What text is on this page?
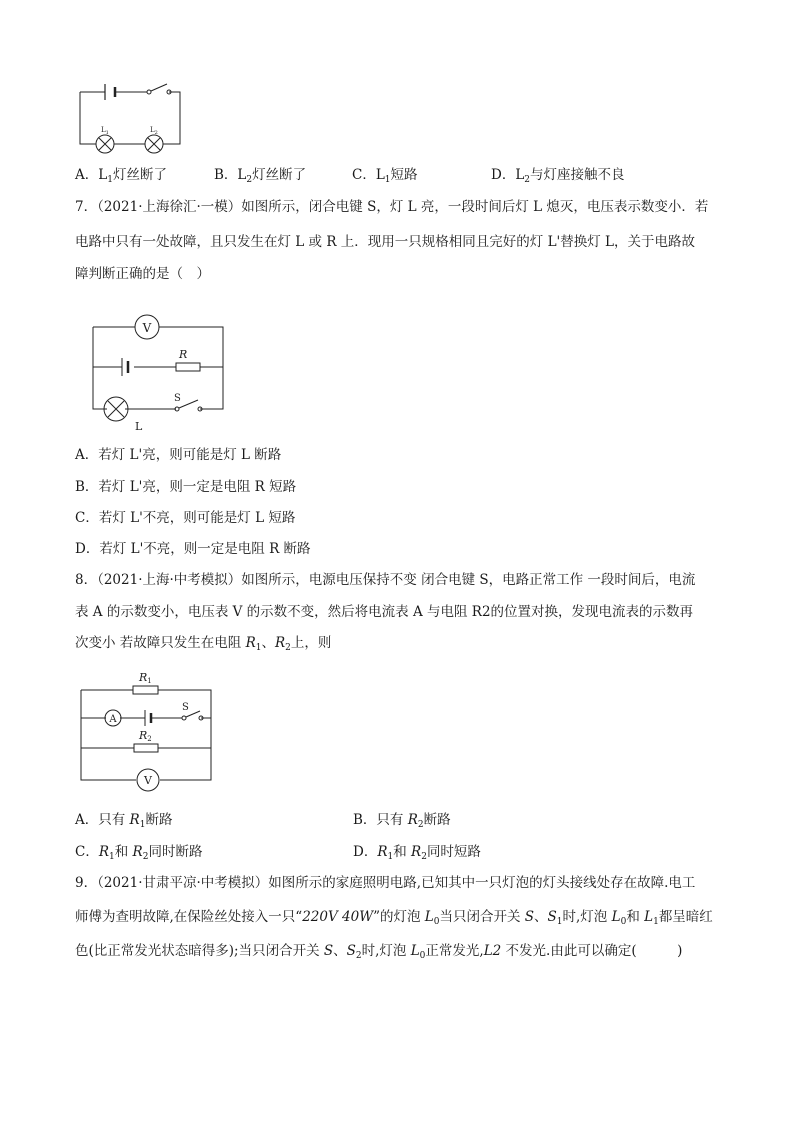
L1	$L_2$
A．$L_1$灯丝断了	B．$L_2$灯丝断了	C．$L_1$短路	D．$L_2$与灯座接触不良
7．（2021·上海徐汇·一模）如图所示，闭合电键 S，灯 L 亮，一段时间后灯 L 熄灭，电压表示数变小．若
电路中只有一处故障，且只发生在灯 L 或 R 上．现用一只规格相同且完好的灯 L'替换灯 L，关于电路故
障判断正确的是（　）
V
R
S
L
A．若灯 L'亮，则可能是灯 L 断路
B．若灯 L'亮，则一定是电阻 R 短路
C．若灯 L'不亮，则可能是灯 L 短路
D．若灯 L'不亮，则一定是电阻 R 断路
8．（2021·上海·中考模拟）如图所示，电源电压保持不变 闭合电键 S，电路正常工作 一段时间后，电流
表 A 的示数变小，电压表 V 的示数不变，然后将电流表 A 与电阻 R2的位置对换，发现电流表的示数再
次变小 若故障只发生在电阻 $R_1$、$R_2$上，则
R1
A
S
R2
V
A．只有 $R_1$断路	B．只有 $R_2$断路
C．$R_1$和 $R_2$同时断路	D．$R_1$和 $R_2$同时短路
9．（2021·甘肃平凉·中考模拟）如图所示的家庭照明电路,已知其中一只灯泡的灯头接线处存在故障.电工
师傅为查明故障,在保险丝处接入一只“220V 40W”的灯泡 $L_0$当只闭合开关 S、$S_1$时,灯泡 $L_0$和 $L_1$都呈暗红
色(比正常发光状态暗得多);当只闭合开关 S、$S_2$时,灯泡 $L_0$正常发光,L2 不发光.由此可以确定(　　　)
